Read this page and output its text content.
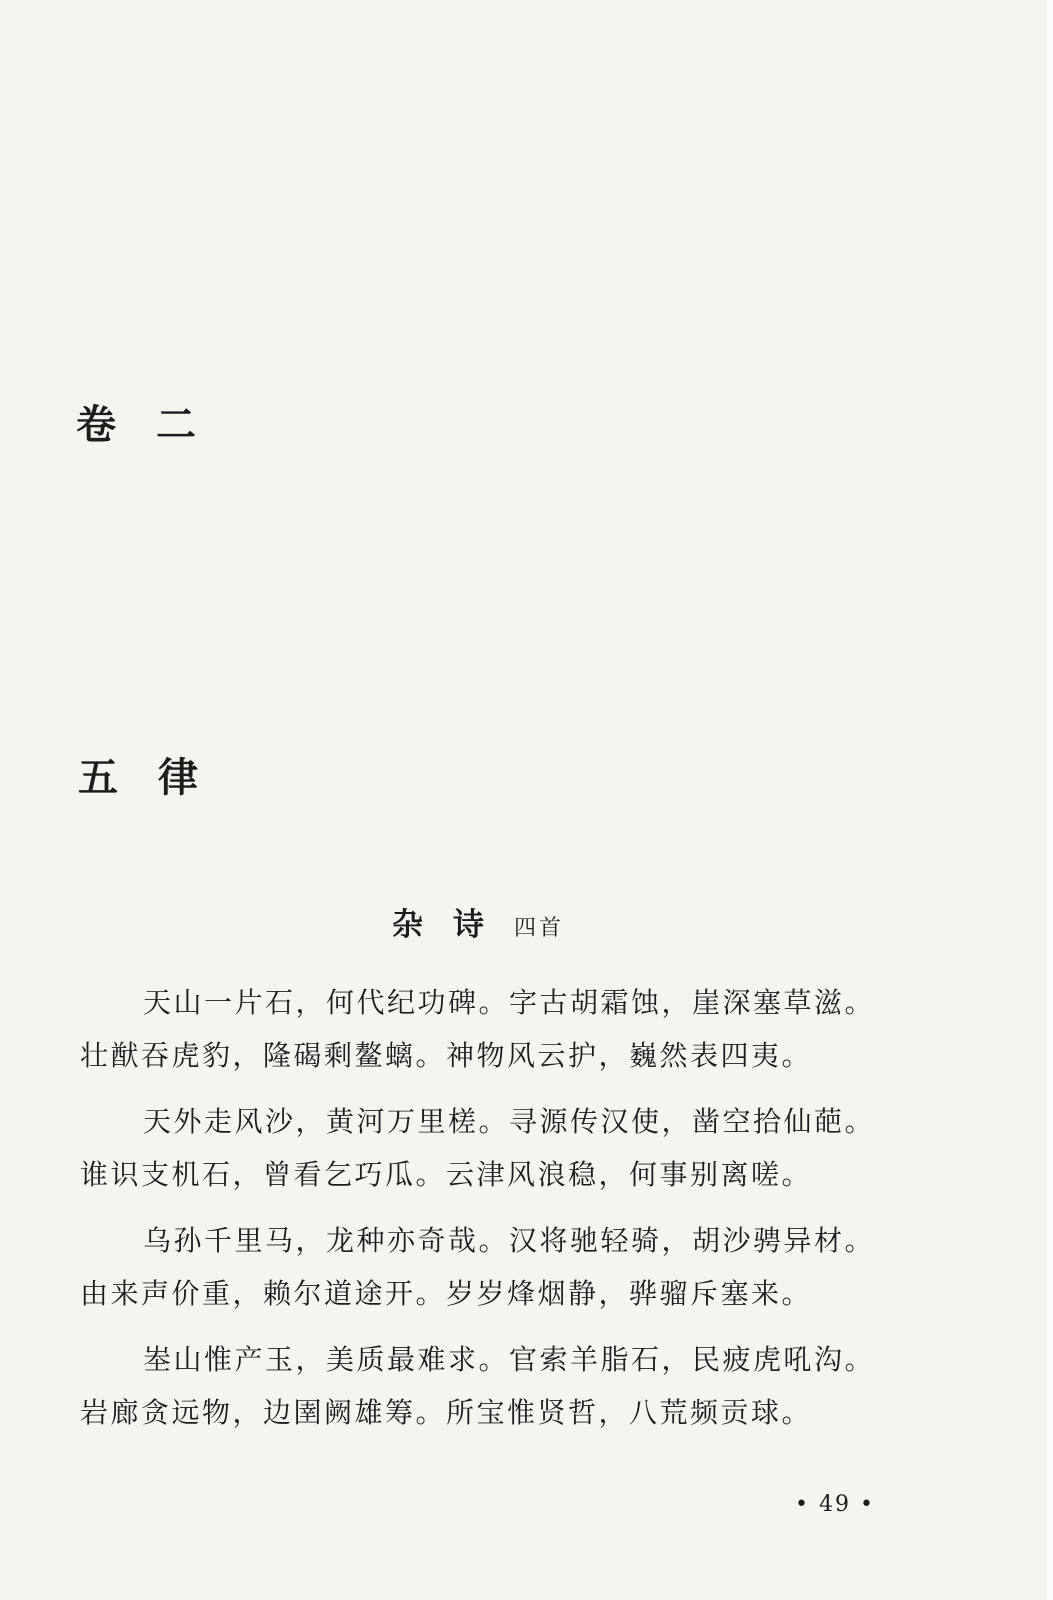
卷二
五律
杂诗四首
天山一片石，何代纪功碑。字古胡霜蚀，崖深塞草滋。
壮猷吞虎豹，隆碣剩鳌螭。神物风云护，巍然表四夷。
天外走风沙，黄河万里槎。寻源传汉使，凿空拾仙葩。
谁识支机石，曾看乞巧瓜。云津风浪稳，何事别离嗟。
乌孙千里马，龙种亦奇哉。汉将驰轻骑，胡沙骋异材。
由来声价重，赖尔道途开。岁岁烽烟静，骅骝斥塞来。
峚山惟产玉，美质最难求。官索羊脂石，民疲虎吼沟。
岩廊贪远物，边圉阙雄筹。所宝惟贤哲，八荒频贡球。
• 49 •
